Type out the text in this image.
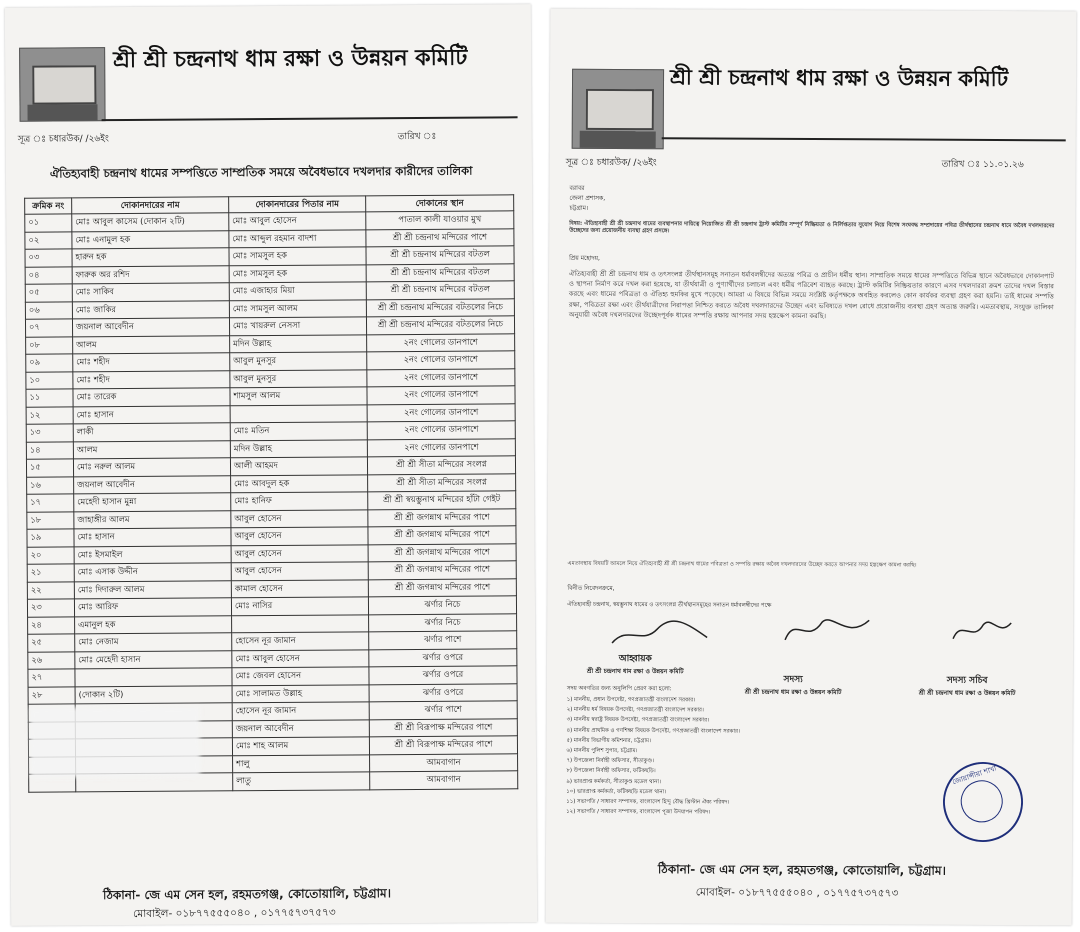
শ্রী শ্রী চন্দ্রনাথ ধাম রক্ষা ও উন্নয়ন কমিটি
সূত্র ঃ চধারউক/ /২৬ইং	তারিখ ঃ
ঐতিহ্যবাহী চন্দ্রনাথ ধামের সম্পত্তিতে সাম্প্রতিক সময়ে অবৈধভাবে দখলদার কারীদের তালিকা
ক্রমিক নং	দোকানদারের নাম	দোকানদারের পিতার নাম	দোকানের স্থান
০১	মোঃ আবুল কাসেম (দোকান ২টি)	মোঃ আবুল হোসেন	পাতাল কালী যাওয়ার মুখ
০২	মোঃ এনামুল হক	মোঃ আব্দুল রহমান বাদশা	শ্রী শ্রী চন্দ্রনাথ মন্দিরের পাশে
০৩	হারুন হক	মোঃ সামসুল হক	শ্রী শ্রী চন্দ্রনাথ মন্দিরের বটতল
০৪	ফারুক অর রশিদ	মোঃ সামসুল হক	শ্রী শ্রী চন্দ্রনাথ মন্দিরের বটতল
০৫	মোঃ সাকিব	মোঃ এজাহার মিয়া	শ্রী শ্রী চন্দ্রনাথ মন্দিরের বটতল
০৬	মোঃ জাকির	মোঃ সামসুল আলম	শ্রী শ্রী চন্দ্রনাথ মন্দিরের বটতলের নিচে
০৭	জয়নাল আবেদীন	মোঃ খায়রুল নেসসা	শ্রী শ্রী চন্দ্রনাথ মন্দিরের বটতলের নিচে
০৮	আলম	মদিন উল্লাহ	২নং গোলের ডানপাশে
০৯	মোঃ শহীদ	আবুল মুনসুর	২নং গোলের ডানপাশে
১০	মোঃ শহীদ	আবুল মুনসুর	২নং গোলের ডানপাশে
১১	মোঃ তারেক	শামসুল আলম	২নং গোলের ডানপাশে
১২	মোঃ হাসান		২নং গোলের ডানপাশে
১৩	লাকী	মোঃ মতিন	২নং গোলের ডানপাশে
১৪	আলম	মদিন উল্লাহ	২নং গোলের ডানপাশে
১৫	মোঃ নরুল আলম	আলী আহমদ	শ্রী শ্রী সীতা মন্দিরের সংলগ্ন
১৬	জয়নাল আবেদীন	মোঃ আবদুল হক	শ্রী শ্রী সীতা মন্দিরের সংলগ্ন
১৭	মেহেদী হাসান মুন্না	মোঃ হানিফ	শ্রী শ্রী স্বয়ম্ভুনাথ মন্দিরের হাঁটা গেইট
১৮	জাহাঙ্গীর আলম	আবুল হোসেন	শ্রী শ্রী জগন্নাথ মন্দিরের পাশে
১৯	মোঃ হাসান	আবুল হোসেন	শ্রী শ্রী জগন্নাথ মন্দিরের পাশে
২০	মোঃ ইসমাইল	আবুল হোসেন	শ্রী শ্রী জগন্নাথ মন্দিরের পাশে
২১	মোঃ এসাক উদ্দীন	আবুল হোসেন	শ্রী শ্রী জগন্নাথ মন্দিরের পাশে
২২	মোঃ দিদারুল আলম	কামাল হোসেন	শ্রী শ্রী জগন্নাথ মন্দিরের পাশে
২৩	মোঃ আরিফ	মোঃ নাসির	ঝর্ণার নিচে
২৪	এমানুল হক		ঝর্ণার নিচে
২৫	মোঃ নেজাম	হোসেন নূর জামান	ঝর্ণার পাশে
২৬	মোঃ মেহেদী হাসান	মোঃ আবুল হোসেন	ঝর্ণার ওপরে
২৭		মোঃ জেবল হোসেন	ঝর্ণার ওপরে
২৮	(দোকান ২টি)	মোঃ সালামত উল্লাহ	ঝর্ণার ওপরে
		হোসেন নূর জামান	ঝর্ণার পাশে
		জয়নাল আবেদীন	শ্রী শ্রী বিরূপাক্ষ মন্দিরের পাশে
		মোঃ শাহ আলম	শ্রী শ্রী বিরূপাক্ষ মন্দিরের পাশে
		শালু	আমবাগান
		লাতু	আমবাগান
ঠিকানা- জে এম সেন হল, রহমতগঞ্জ, কোতোয়ালি, চট্টগ্রাম।
মোবাইল- ০১৮৭৭৫৫৫০৪০ , ০১৭৭৫৭৩৭৫৭৩
শ্রী শ্রী চন্দ্রনাথ ধাম রক্ষা ও উন্নয়ন কমিটি
সূত্র ঃ চধারউক/ /২৬ইং	তারিখ ঃ ১১.০১.২৬
বরাবর
জেলা প্রশাসক,
চট্টগ্রাম।
বিষয়: ঐতিহ্যবাহী শ্রী শ্রী চন্দ্রনাথ ধামের ব্যবস্থাপনার দায়িত্বে নিয়োজিত শ্রী শ্রী চন্দ্রনাথ ট্রাস্ট কমিটির সম্পূর্ণ নিষ্ক্রিয়তা ও নির্লিপ্ততার সুযোগ নিয়ে বিশেষ সংঘবদ্ধ সম্প্রদায়ের পবিত্র তীর্থস্থানের চন্দ্রনাথ ধামে অবৈধ দখলদারদের উচ্ছেদের জন্য প্রয়োজনীয় ব্যবস্থা গ্রহণ প্রসঙ্গে।
প্রিয় মহোদয়,
ঐতিহ্যবাহী শ্রী শ্রী চন্দ্রনাথ ধাম ও তৎসংলগ্ন তীর্থস্থানসমূহ সনাতন ধর্মাবলম্বীদের অত্যন্ত পবিত্র ও প্রাচীন ধর্মীয় স্থান। সাম্প্রতিক সময়ে ধামের সম্পত্তিতে বিভিন্ন স্থানে অবৈধভাবে দোকানপাট ও স্থাপনা নির্মাণ করে দখল করা হয়েছে, যা তীর্থযাত্রী ও পুণ্যার্থীদের চলাচল এবং ধর্মীয় পরিবেশ ব্যাহত করছে। ট্রাস্ট কমিটির নিষ্ক্রিয়তার কারণে এসব দখলদাররা ক্রমশ তাদের দখল বিস্তার করছে এবং ধামের পবিত্রতা ও ঐতিহ্য হুমকির মুখে পড়েছে। আমরা এ বিষয়ে বিভিন্ন সময়ে সংশ্লিষ্ট কর্তৃপক্ষকে অবহিত করলেও কোন কার্যকর ব্যবস্থা গ্রহণ করা হয়নি। তাই ধামের সম্পত্তি রক্ষা, পবিত্রতা রক্ষা এবং তীর্থযাত্রীদের নিরাপত্তা নিশ্চিত করতে অবৈধ দখলদারদের উচ্ছেদ এবং ভবিষ্যতে দখল রোধে প্রয়োজনীয় ব্যবস্থা গ্রহণ অত্যন্ত জরুরি। এমতাবস্থায়, সংযুক্ত তালিকা অনুযায়ী অবৈধ দখলদারদের উচ্ছেদপূর্বক ধামের সম্পত্তি রক্ষায় আপনার সদয় হস্তক্ষেপ কামনা করছি।
এমতাবস্থায় বিষয়টি আমলে নিয়ে ঐতিহ্যবাহী শ্রী শ্রী চন্দ্রনাথ ধামের পবিত্রতা ও সম্পত্তি রক্ষায় অবৈধ দখলদারদের উচ্ছেদ করতে আপনার সদয় হস্তক্ষেপ কামনা করছি।
বিনীত নিবেদনক্রমে,
ঐতিহ্যবাহী চন্দ্রনাথ, স্বয়ম্ভুনাথ ধামের ও তৎসংলগ্ন তীর্থস্থানসমূহের সনাতন ধর্মাবলম্বীদের পক্ষে
আহ্বায়ক
শ্রী শ্রী চন্দ্রনাথ ধাম রক্ষা ও উন্নয়ন কমিটি
সদস্য
শ্রী শ্রী চন্দ্রনাথ ধাম রক্ষা ও উন্নয়ন কমিটি
সদস্য সচিব
শ্রী শ্রী চন্দ্রনাথ ধাম রক্ষা ও উন্নয়ন কমিটি
সদয় অবগতির জন্য অনুলিপি প্রেরণ করা হলো:
১) মাননীয়, প্রধান উপদেষ্টা, গণপ্রজাতন্ত্রী বাংলাদেশ সরকার।
২) মাননীয় ধর্ম বিষয়ক উপদেষ্টা, গণপ্রজাতন্ত্রী বাংলাদেশ সরকার।
৩) মাননীয় স্বরাষ্ট্র বিষয়ক উপদেষ্টা, গণপ্রজাতন্ত্রী বাংলাদেশ সরকার।
৪) মাননীয় প্রাথমিক ও গণশিক্ষা বিষয়ক উপদেষ্টা, গণপ্রজাতন্ত্রী বাংলাদেশ সরকার।
৫) মাননীয় বিভাগীয় কমিশনার, চট্টগ্রাম।
৬) মাননীয় পুলিশ সুপার, চট্টগ্রাম।
৭) উপজেলা নির্বাহী অফিসার, সীতাকুণ্ড।
৮) উপজেলা নির্বাহী অফিসার, ফটিকছড়ি।
৯) ভারপ্রাপ্ত কর্মকর্তা, সীতাকুণ্ড মডেল থানা।
১০) ভারপ্রাপ্ত কর্মকর্তা, ফটিকছড়ি মডেল থানা।
১১) সভাপতি / সাধারণ সম্পাদক, বাংলাদেশ হিন্দু বৌদ্ধ খ্রিস্টান ঐক্য পরিষদ।
১২) সভাপতি / সাধারণ সম্পাদক, বাংলাদেশ পূজা উদযাপন পরিষদ।
ঠিকানা- জে এম সেন হল, রহমতগঞ্জ, কোতোয়ালি, চট্টগ্রাম।
মোবাইল- ০১৮৭৭৫৫৫০৪০ , ০১৭৭৫৭৩৭৫৭৩
জোয়ান্সীয়া শাখা
